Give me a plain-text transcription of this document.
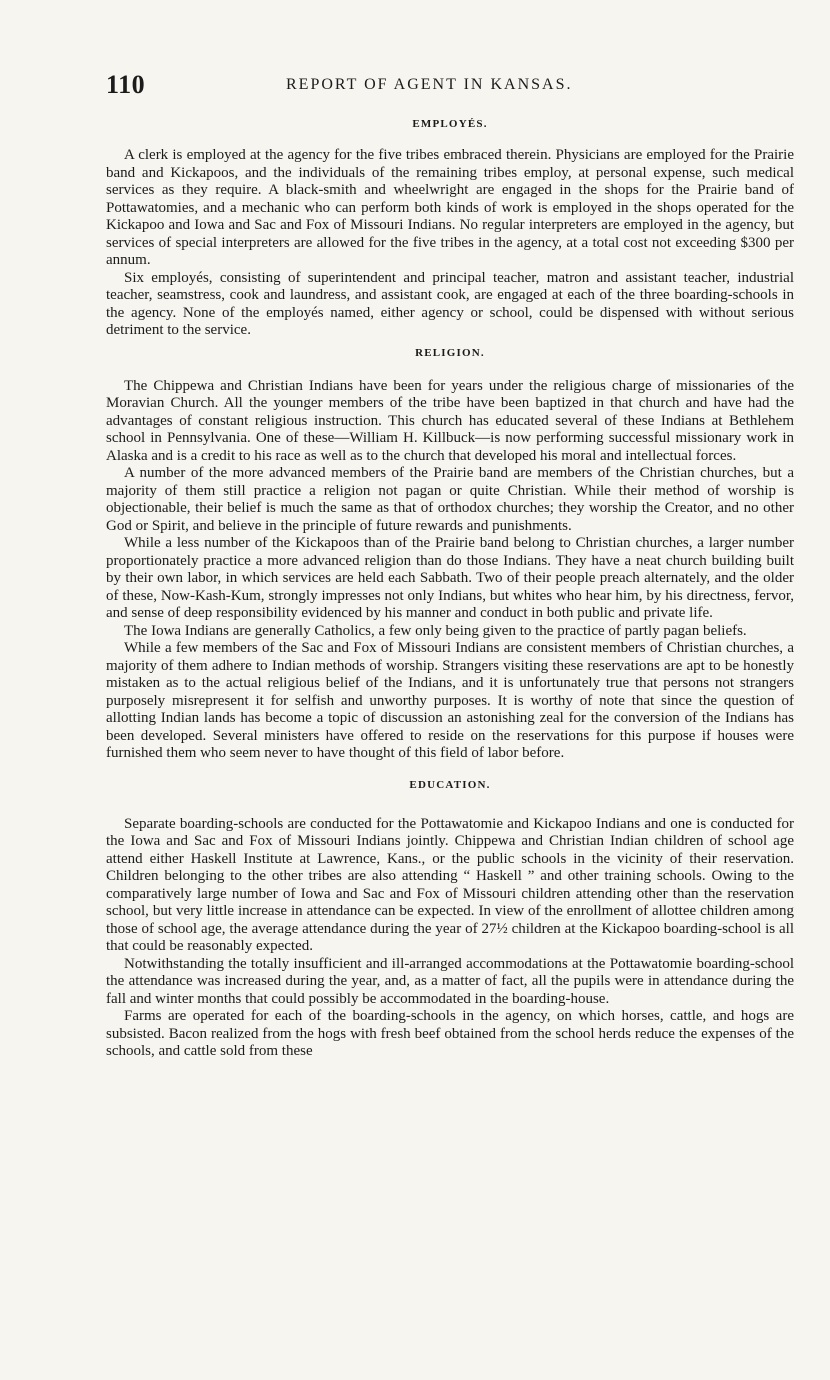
110	REPORT OF AGENT IN KANSAS.
EMPLOYÉS.

A clerk is employed at the agency for the five tribes embraced therein. Physicians are employed for the Prairie band and Kickapoos, and the individuals of the remaining tribes employ, at personal expense, such medical services as they require. A black-smith and wheelwright are engaged in the shops for the Prairie band of Pottawatomies, and a mechanic who can perform both kinds of work is employed in the shops operated for the Kickapoo and Iowa and Sac and Fox of Missouri Indians. No regular interpreters are employed in the agency, but services of special interpreters are allowed for the five tribes in the agency, at a total cost not exceeding $300 per annum.

Six employés, consisting of superintendent and principal teacher, matron and assistant teacher, industrial teacher, seamstress, cook and laundress, and assistant cook, are engaged at each of the three boarding-schools in the agency. None of the employés named, either agency or school, could be dispensed with without serious detriment to the service.

RELIGION.

The Chippewa and Christian Indians have been for years under the religious charge of missionaries of the Moravian Church. All the younger members of the tribe have been baptized in that church and have had the advantages of constant religious instruction. This church has educated several of these Indians at Bethlehem school in Pennsylvania. One of these—William H. Killbuck—is now performing successful missionary work in Alaska and is a credit to his race as well as to the church that developed his moral and intellectual forces.

A number of the more advanced members of the Prairie band are members of the Christian churches, but a majority of them still practice a religion not pagan or quite Christian. While their method of worship is objectionable, their belief is much the same as that of orthodox churches; they worship the Creator, and no other God or Spirit, and believe in the principle of future rewards and punishments.

While a less number of the Kickapoos than of the Prairie band belong to Christian churches, a larger number proportionately practice a more advanced religion than do those Indians. They have a neat church building built by their own labor, in which services are held each Sabbath. Two of their people preach alternately, and the older of these, Now-Kash-Kum, strongly impresses not only Indians, but whites who hear him, by his directness, fervor, and sense of deep responsibility evidenced by his manner and conduct in both public and private life.

The Iowa Indians are generally Catholics, a few only being given to the practice of partly pagan beliefs.

While a few members of the Sac and Fox of Missouri Indians are consistent members of Christian churches, a majority of them adhere to Indian methods of worship. Strangers visiting these reservations are apt to be honestly mistaken as to the actual religious belief of the Indians, and it is unfortunately true that persons not strangers purposely misrepresent it for selfish and unworthy purposes. It is worthy of note that since the question of allotting Indian lands has become a topic of discussion an astonishing zeal for the conversion of the Indians has been developed. Several ministers have offered to reside on the reservations for this purpose if houses were furnished them who seem never to have thought of this field of labor before.

EDUCATION.

Separate boarding-schools are conducted for the Pottawatomie and Kickapoo Indians and one is conducted for the Iowa and Sac and Fox of Missouri Indians jointly. Chippewa and Christian Indian children of school age attend either Haskell Institute at Lawrence, Kans., or the public schools in the vicinity of their reservation. Children belonging to the other tribes are also attending “ Haskell ” and other training schools. Owing to the comparatively large number of Iowa and Sac and Fox of Missouri children attending other than the reservation school, but very little increase in attendance can be expected. In view of the enrollment of allottee children among those of school age, the average attendance during the year of 27½ children at the Kickapoo boarding-school is all that could be reasonably expected.

Notwithstanding the totally insufficient and ill-arranged accommodations at the Pottawatomie boarding-school the attendance was increased during the year, and, as a matter of fact, all the pupils were in attendance during the fall and winter months that could possibly be accommodated in the boarding-house.

Farms are operated for each of the boarding-schools in the agency, on which horses, cattle, and hogs are subsisted. Bacon realized from the hogs with fresh beef obtained from the school herds reduce the expenses of the schools, and cattle sold from these
